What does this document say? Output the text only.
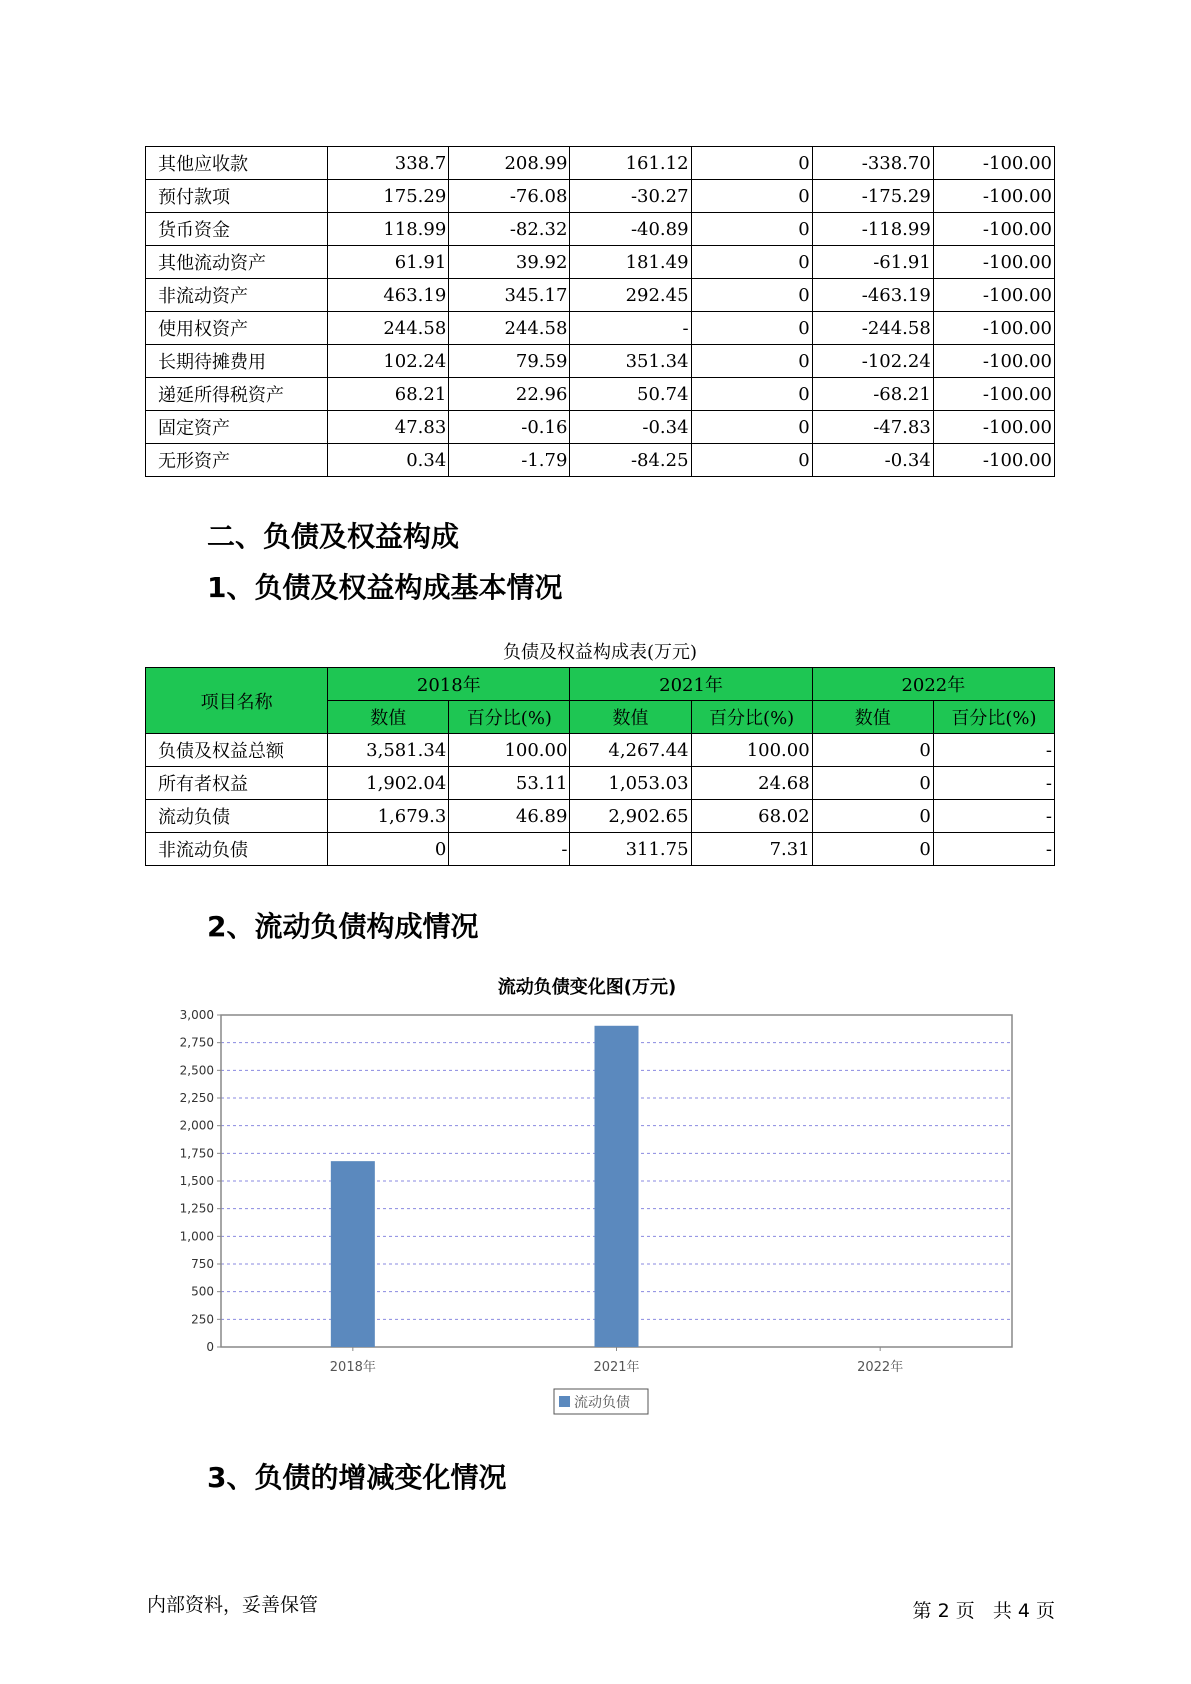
其他应收款	338.7	208.99	161.12	0	-338.70	-100.00
预付款项	175.29	-76.08	-30.27	0	-175.29	-100.00
货币资金	118.99	-82.32	-40.89	0	-118.99	-100.00
其他流动资产	61.91	39.92	181.49	0	-61.91	-100.00
非流动资产	463.19	345.17	292.45	0	-463.19	-100.00
使用权资产	244.58	244.58	-	0	-244.58	-100.00
长期待摊费用	102.24	79.59	351.34	0	-102.24	-100.00
递延所得税资产	68.21	22.96	50.74	0	-68.21	-100.00
固定资产	47.83	-0.16	-0.34	0	-47.83	-100.00
无形资产	0.34	-1.79	-84.25	0	-0.34	-100.00
二、负债及权益构成
1、负债及权益构成基本情况
负债及权益构成表(万元)
项目名称	2018年		2021年		2022年	
	数值	百分比(%)	数值	百分比(%)	数值	百分比(%)
负债及权益总额	3,581.34	100.00	4,267.44	100.00	0	-
所有者权益	1,902.04	53.11	1,053.03	24.68	0	-
流动负债	1,679.3	46.89	2,902.65	68.02	0	-
非流动负债	0	-	311.75	7.31	0	-
2、流动负债构成情况
流动负债变化图(万元)
0
250
500
750
1,000
1,250
1,500
1,750
2,000
2,250
2,500
2,750
3,000
2018年	2021年	2022年
流动负债
3、负债的增减变化情况
内部资料，妥善保管	第 2 页   共 4 页
